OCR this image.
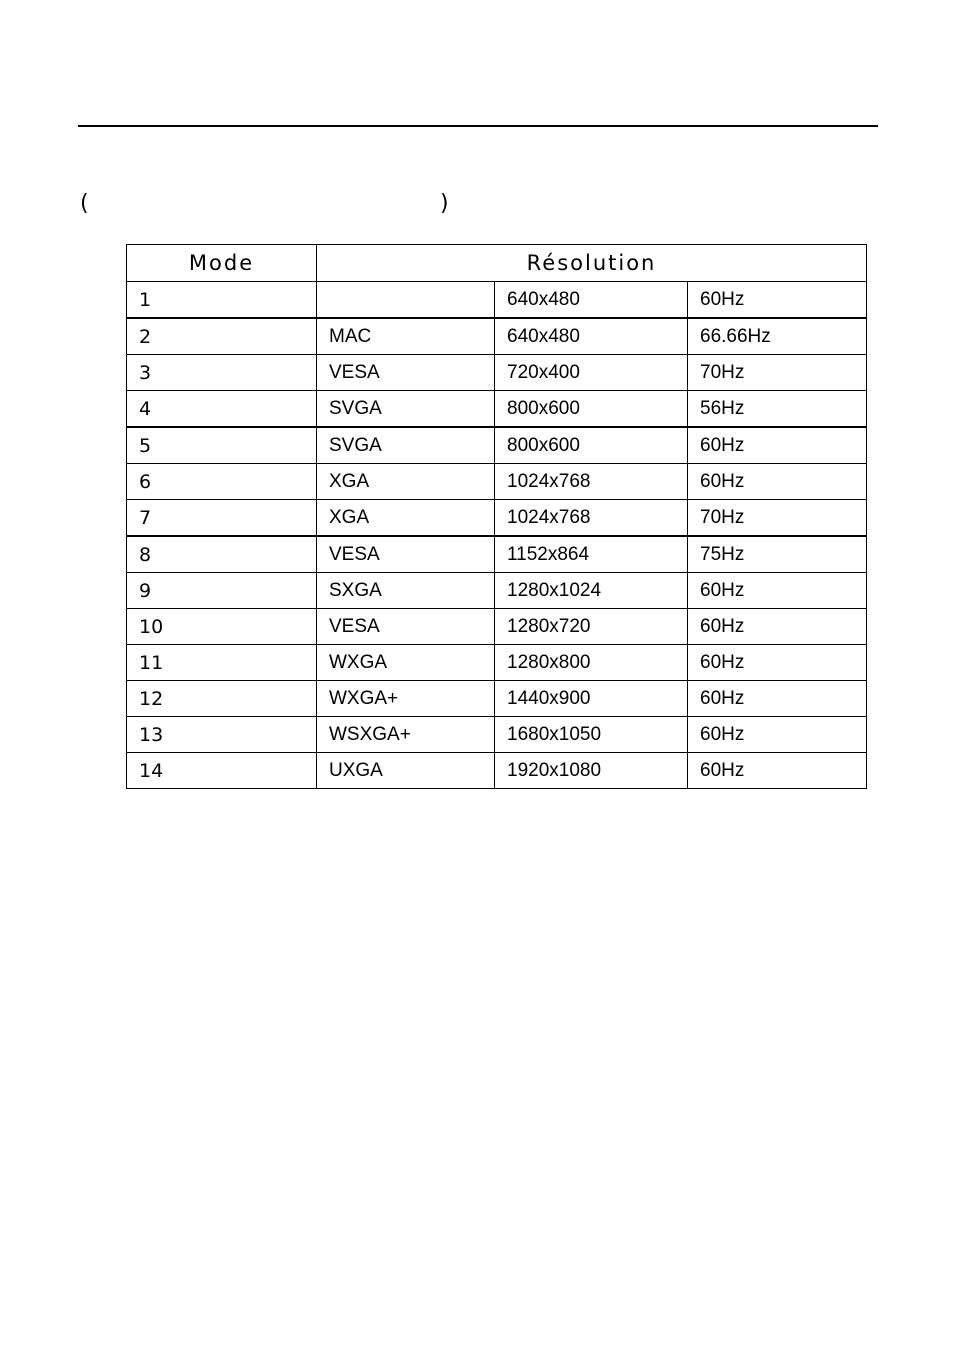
(	)
Mode	Résolution		
1		640x480	60Hz
2	MAC	640x480	66.66Hz
3	VESA	720x400	70Hz
4	SVGA	800x600	56Hz
5	SVGA	800x600	60Hz
6	XGA	1024x768	60Hz
7	XGA	1024x768	70Hz
8	VESA	1152x864	75Hz
9	SXGA	1280x1024	60Hz
10	VESA	1280x720	60Hz
11	WXGA	1280x800	60Hz
12	WXGA+	1440x900	60Hz
13	WSXGA+	1680x1050	60Hz
14	UXGA	1920x1080	60Hz
